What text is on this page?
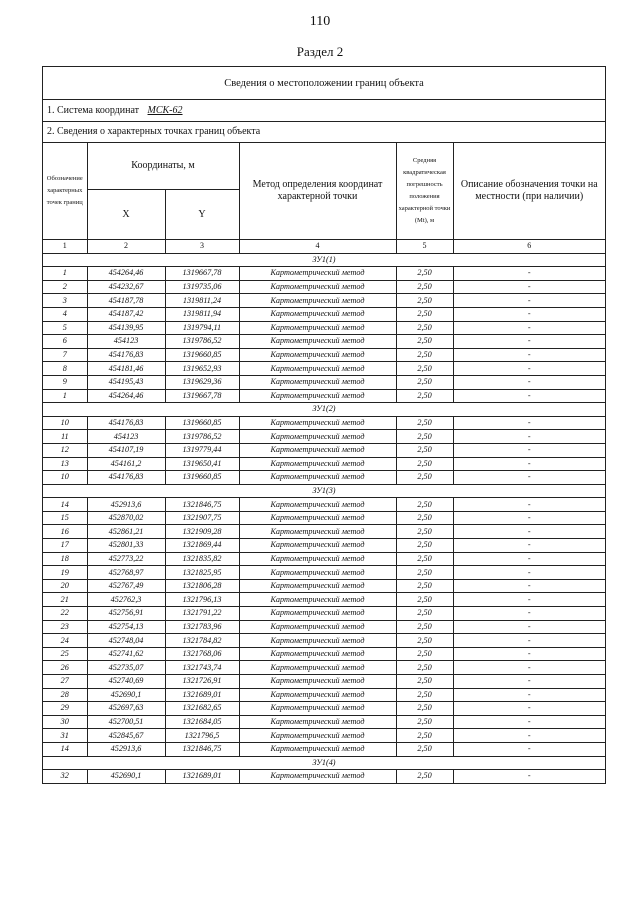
110
Раздел 2
Сведения о местоположении границ объекта
1. Система координат МСК-62
2. Сведения о характерных точках границ объекта
Обозначение характерных точек границ	Координаты, м		Метод определения координат характерной точки	Средняя квадратическая погрешность положения характерной точки (Mt), м	Описание обозначения точки на местности (при наличии)
	X	Y			
1	2	3	4	5	6
ЗУ1(1)					
1	454264,46	1319667,78	Картометрический метод	2,50	-
2	454232,67	1319735,06	Картометрический метод	2,50	-
3	454187,78	1319811,24	Картометрический метод	2,50	-
4	454187,42	1319811,94	Картометрический метод	2,50	-
5	454139,95	1319794,11	Картометрический метод	2,50	-
6	454123	1319786,52	Картометрический метод	2,50	-
7	454176,83	1319660,85	Картометрический метод	2,50	-
8	454181,46	1319652,93	Картометрический метод	2,50	-
9	454195,43	1319629,36	Картометрический метод	2,50	-
1	454264,46	1319667,78	Картометрический метод	2,50	-
ЗУ1(2)					
10	454176,83	1319660,85	Картометрический метод	2,50	-
11	454123	1319786,52	Картометрический метод	2,50	-
12	454107,19	1319779,44	Картометрический метод	2,50	-
13	454161,2	1319650,41	Картометрический метод	2,50	-
10	454176,83	1319660,85	Картометрический метод	2,50	-
ЗУ1(3)					
14	452913,6	1321846,75	Картометрический метод	2,50	-
15	452870,02	1321907,75	Картометрический метод	2,50	-
16	452861,21	1321909,28	Картометрический метод	2,50	-
17	452801,33	1321869,44	Картометрический метод	2,50	-
18	452773,22	1321835,82	Картометрический метод	2,50	-
19	452768,97	1321825,95	Картометрический метод	2,50	-
20	452767,49	1321806,28	Картометрический метод	2,50	-
21	452762,3	1321796,13	Картометрический метод	2,50	-
22	452756,91	1321791,22	Картометрический метод	2,50	-
23	452754,13	1321783,96	Картометрический метод	2,50	-
24	452748,04	1321784,82	Картометрический метод	2,50	-
25	452741,62	1321768,06	Картометрический метод	2,50	-
26	452735,07	1321743,74	Картометрический метод	2,50	-
27	452740,69	1321726,91	Картометрический метод	2,50	-
28	452690,1	1321689,01	Картометрический метод	2,50	-
29	452697,63	1321682,65	Картометрический метод	2,50	-
30	452700,51	1321684,05	Картометрический метод	2,50	-
31	452845,67	1321796,5	Картометрический метод	2,50	-
14	452913,6	1321846,75	Картометрический метод	2,50	-
ЗУ1(4)					
32	452690,1	1321689,01	Картометрический метод	2,50	-
